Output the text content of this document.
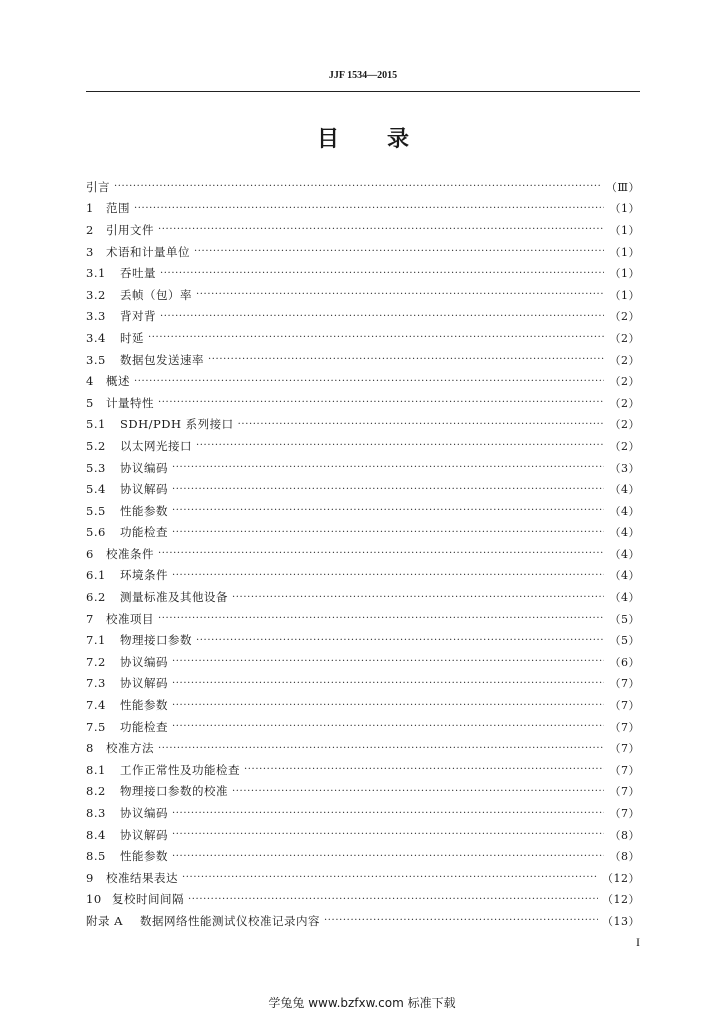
JJF 1534—2015
目 录
引言 ·····	（Ⅲ）
1	范围 ·····	（1）
2	引用文件 ·····	（1）
3	术语和计量单位 ·····	（1）
3.1	吞吐量 ·····	（1）
3.2	丢帧（包）率 ·····	（1）
3.3	背对背 ·····	（2）
3.4	时延 ·····	（2）
3.5	数据包发送速率 ·····	（2）
4	概述 ·····	（2）
5	计量特性 ·····	（2）
5.1	SDH/PDH 系列接口 ·····	（2）
5.2	以太网光接口 ·····	（2）
5.3	协议编码 ·····	（3）
5.4	协议解码 ·····	（4）
5.5	性能参数 ·····	（4）
5.6	功能检查 ·····	（4）
6	校准条件 ·····	（4）
6.1	环境条件 ·····	（4）
6.2	测量标准及其他设备 ·····	（4）
7	校准项目 ·····	（5）
7.1	物理接口参数 ·····	（5）
7.2	协议编码 ·····	（6）
7.3	协议解码 ·····	（7）
7.4	性能参数 ·····	（7）
7.5	功能检查 ·····	（7）
8	校准方法 ·····	（7）
8.1	工作正常性及功能检查 ·····	（7）
8.2	物理接口参数的校准 ·····	（7）
8.3	协议编码 ·····	（7）
8.4	协议解码 ·····	（8）
8.5	性能参数 ·····	（8）
9	校准结果表达 ·····	（12）
10 复校时间间隔 ·····	（12）
附录 A	数据网络性能测试仪校准记录内容 ·····	（13）
I
学兔兔 www.bzfxw.com 标准下载
